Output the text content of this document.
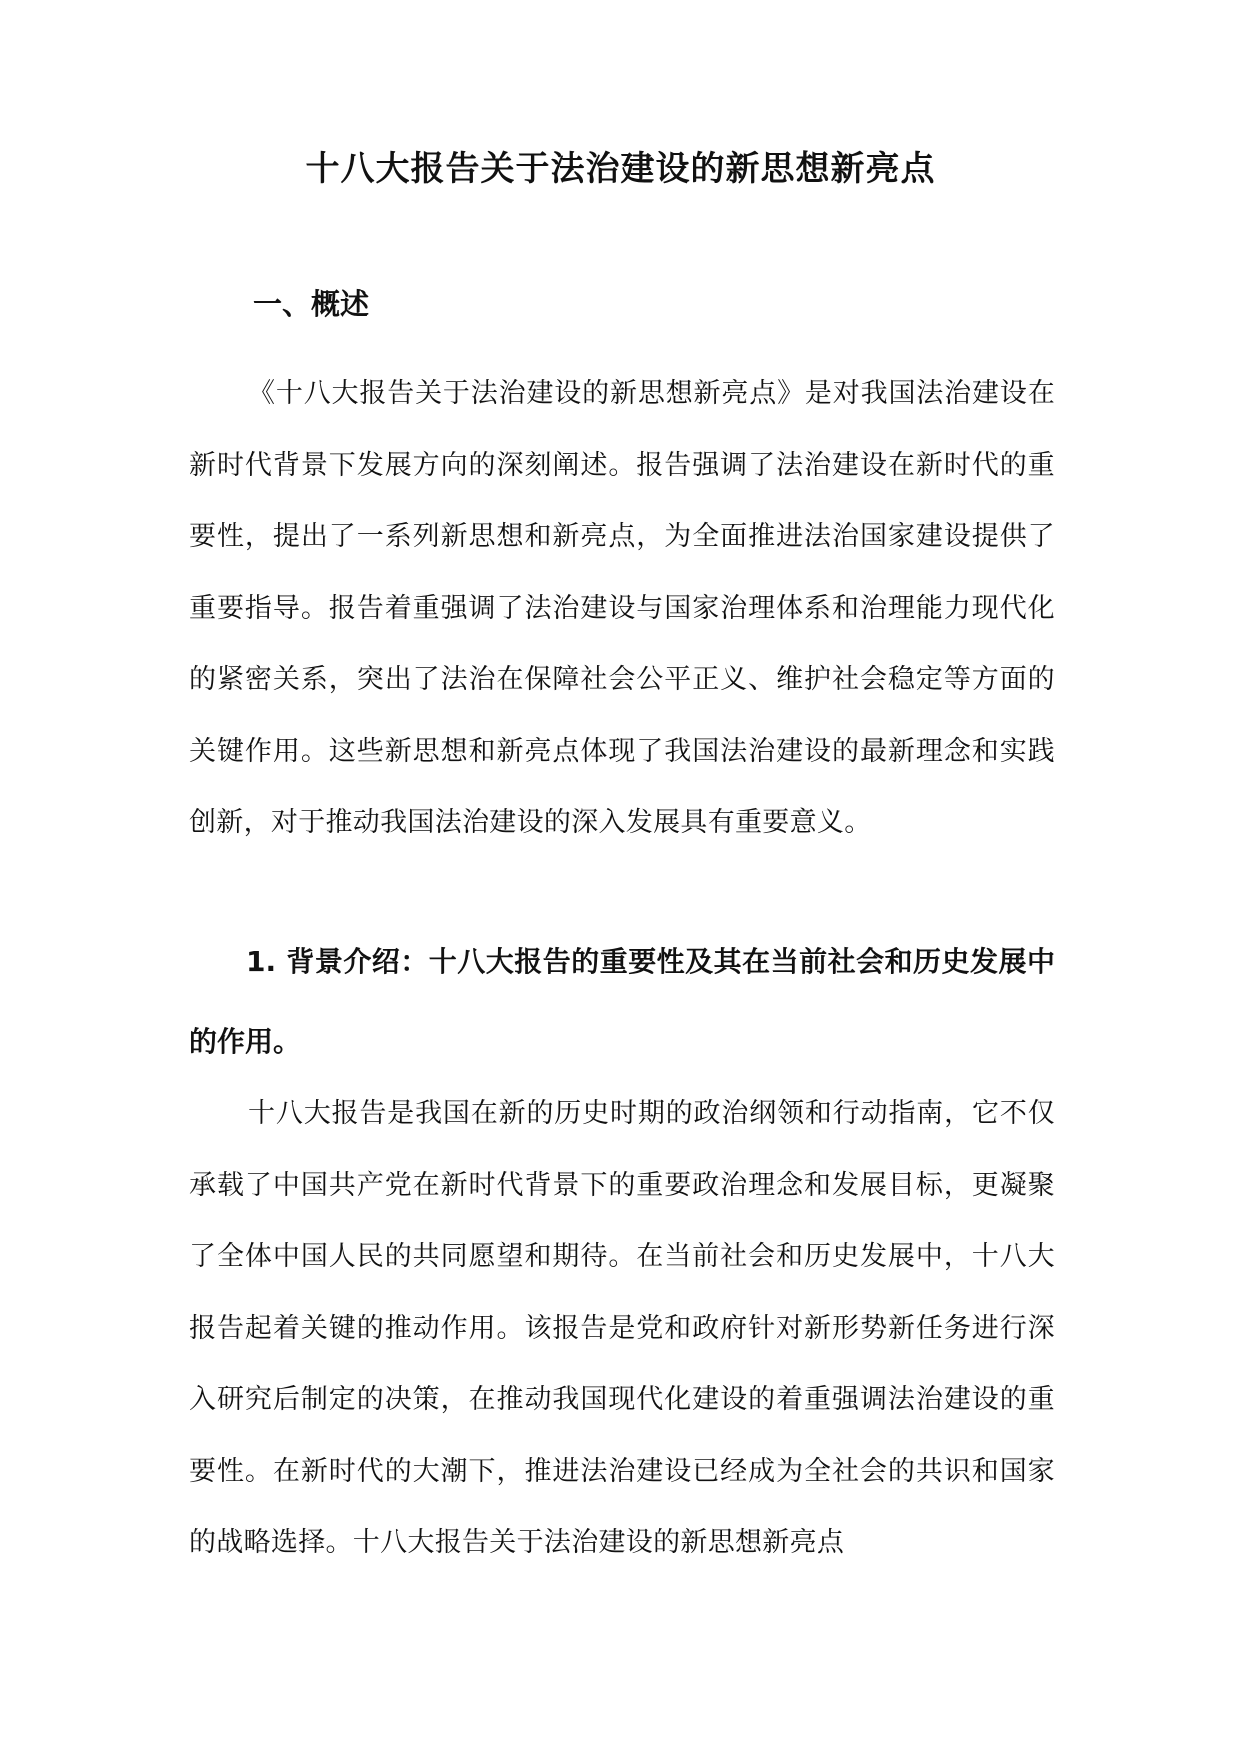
十八大报告关于法治建设的新思想新亮点
一、概述

《十八大报告关于法治建设的新思想新亮点》是对我国法治建设在新时代背景下发展方向的深刻阐述。报告强调了法治建设在新时代的重要性，提出了一系列新思想和新亮点，为全面推进法治国家建设提供了重要指导。报告着重强调了法治建设与国家治理体系和治理能力现代化的紧密关系，突出了法治在保障社会公平正义、维护社会稳定等方面的关键作用。这些新思想和新亮点体现了我国法治建设的最新理念和实践创新，对于推动我国法治建设的深入发展具有重要意义。

1. 背景介绍：十八大报告的重要性及其在当前社会和历史发展中的作用。

十八大报告是我国在新的历史时期的政治纲领和行动指南，它不仅承载了中国共产党在新时代背景下的重要政治理念和发展目标，更凝聚了全体中国人民的共同愿望和期待。在当前社会和历史发展中，十八大报告起着关键的推动作用。该报告是党和政府针对新形势新任务进行深入研究后制定的决策，在推动我国现代化建设的着重强调法治建设的重要性。在新时代的大潮下，推进法治建设已经成为全社会的共识和国家的战略选择。十八大报告关于法治建设的新思想新亮点
